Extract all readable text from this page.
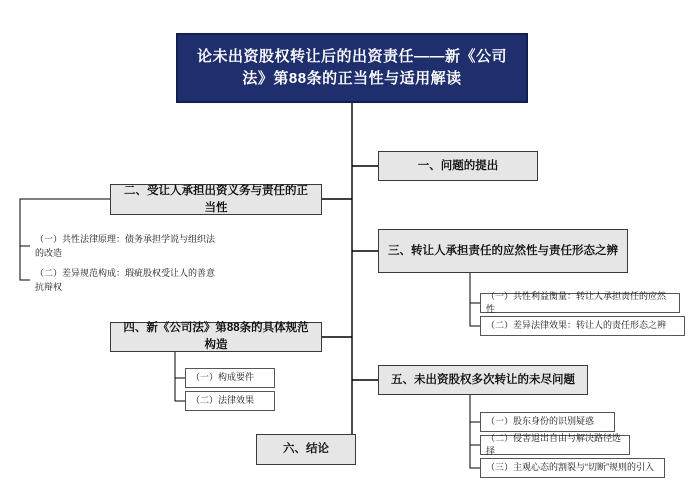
论未出资股权转让后的出资责任——新《公司法》第88条的正当性与适用解读
一、问题的提出
二、受让人承担出资义务与责任的正当性
（一）共性法律原理：债务承担学说与组织法的改造
（二）差异规范构成：瑕疵股权受让人的善意抗辩权
三、转让人承担责任的应然性与责任形态之辨
（一）共性利益衡量：转让人承担责任的应然性
（二）差异法律效果：转让人的责任形态之辨
四、新《公司法》第88条的具体规范构造
（一）构成要件
（二）法律效果
五、未出资股权多次转让的未尽问题
（一）股东身份的识别疑惑
（二）侵害退出自由与解决路径选择
（三）主观心态的割裂与“切断”规则的引入
六、结论
